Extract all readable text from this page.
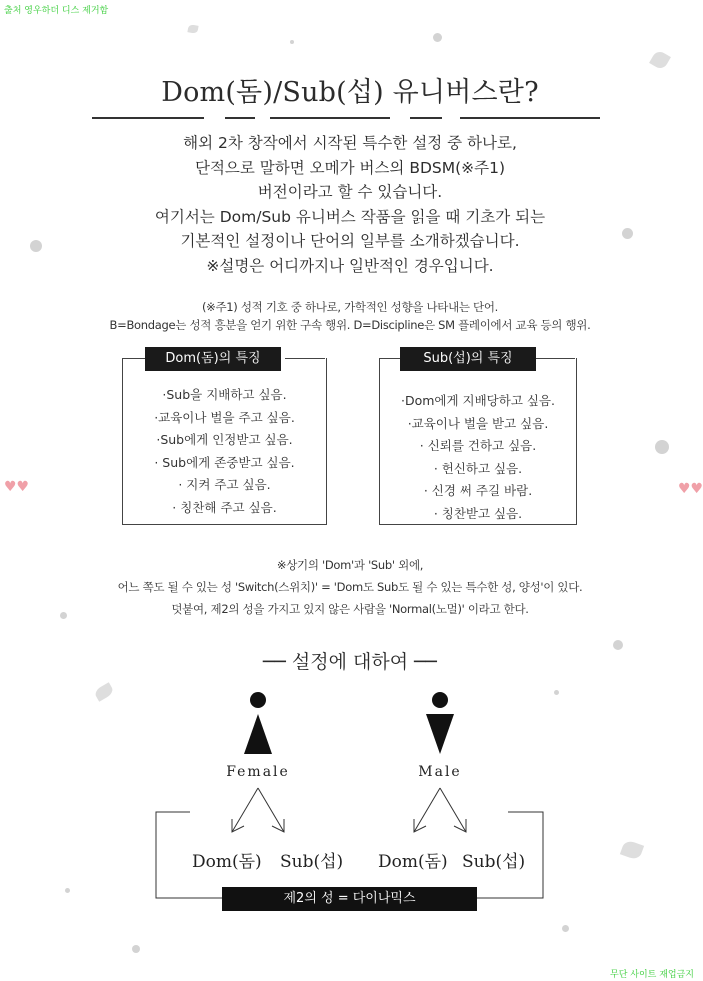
출처 영우하더 디스 제거함
무단 사이트 재업금지
♥♥	♥♥
Dom(돔)/Sub(섭) 유니버스란?
해외 2차 창작에서 시작된 특수한 설정 중 하나로,
단적으로 말하면 오메가 버스의 BDSM(※주1)
버전이라고 할 수 있습니다.
여기서는 Dom/Sub 유니버스 작품을 읽을 때 기초가 되는
기본적인 설정이나 단어의 일부를 소개하겠습니다.
※설명은 어디까지나 일반적인 경우입니다.
(※주1) 성적 기호 중 하나로, 가학적인 성향을 나타내는 단어.
B=Bondage는 성적 흥분을 얻기 위한 구속 행위. D=Discipline은 SM 플레이에서 교육 등의 행위.
Dom(돔)의 특징
·Sub을 지배하고 싶음.
·교육이나 벌을 주고 싶음.
·Sub에게 인정받고 싶음.
· Sub에게 존중받고 싶음.
· 지켜 주고 싶음.
· 칭찬해 주고 싶음.
Sub(섭)의 특징
·Dom에게 지배당하고 싶음.
·교육이나 벌을 받고 싶음.
· 신뢰를 건하고 싶음.
· 헌신하고 싶음.
· 신경 써 주길 바람.
· 칭찬받고 싶음.
※상기의 'Dom'과 'Sub' 외에,
어느 쪽도 될 수 있는 성 'Switch(스위치)' = 'Dom도 Sub도 될 수 있는 특수한 성, 양성'이 있다.
덧붙여, 제2의 성을 가지고 있지 않은 사람을 'Normal(노멀)' 이라고 한다.
── 설정에 대하여 ──
Female	Male
Dom(돔) Sub(섭) Dom(돔) Sub(섭)
제2의 성 = 다이나믹스
